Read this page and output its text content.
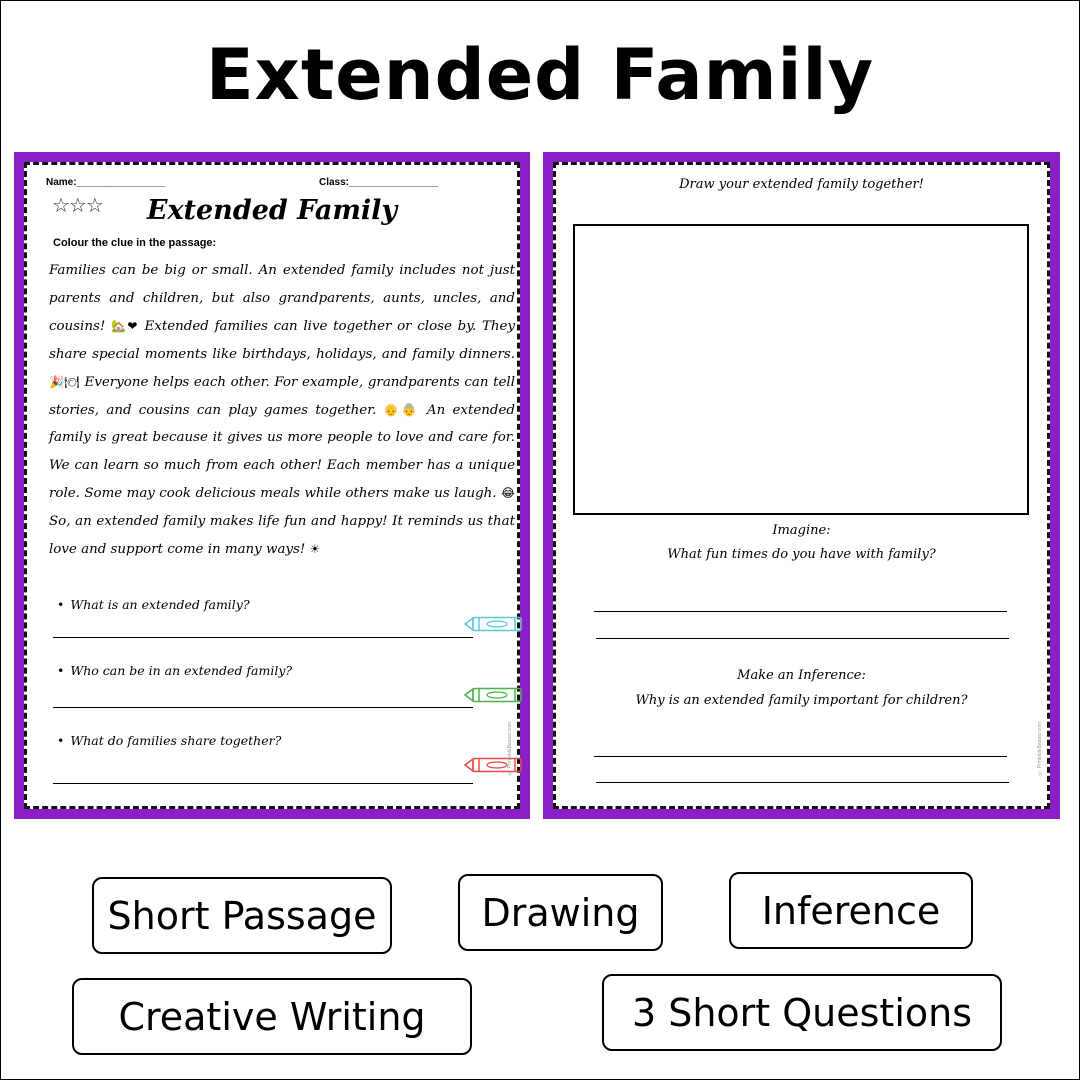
Extended Family
Name:________________	Class:________________
☆☆☆	Extended Family
Colour the clue in the passage:
Families can be big or small. An extended family includes not just parents and children, but also grandparents, aunts, uncles, and cousins! 🏡❤ Extended families can live together or close by. They share special moments like birthdays, holidays, and family dinners. 🎉🍽 Everyone helps each other. For example, grandparents can tell stories, and cousins can play games together. 👴👵 An extended family is great because it gives us more people to love and care for. We can learn so much from each other! Each member has a unique role. Some may cook delicious meals while others make us laugh. 😂 So, an extended family makes life fun and happy! It reminds us that love and support come in many ways! ☀
• What is an extended family?
• Who can be in an extended family?
• What do families share together?	© PrintableBazaar.com
Draw your extended family together!
Imagine:
What fun times do you have with family?
Make an Inference:
Why is an extended family important for children?
© PrintableBazaar.com
Short Passage	Drawing	Inference
Creative Writing	3 Short Questions
